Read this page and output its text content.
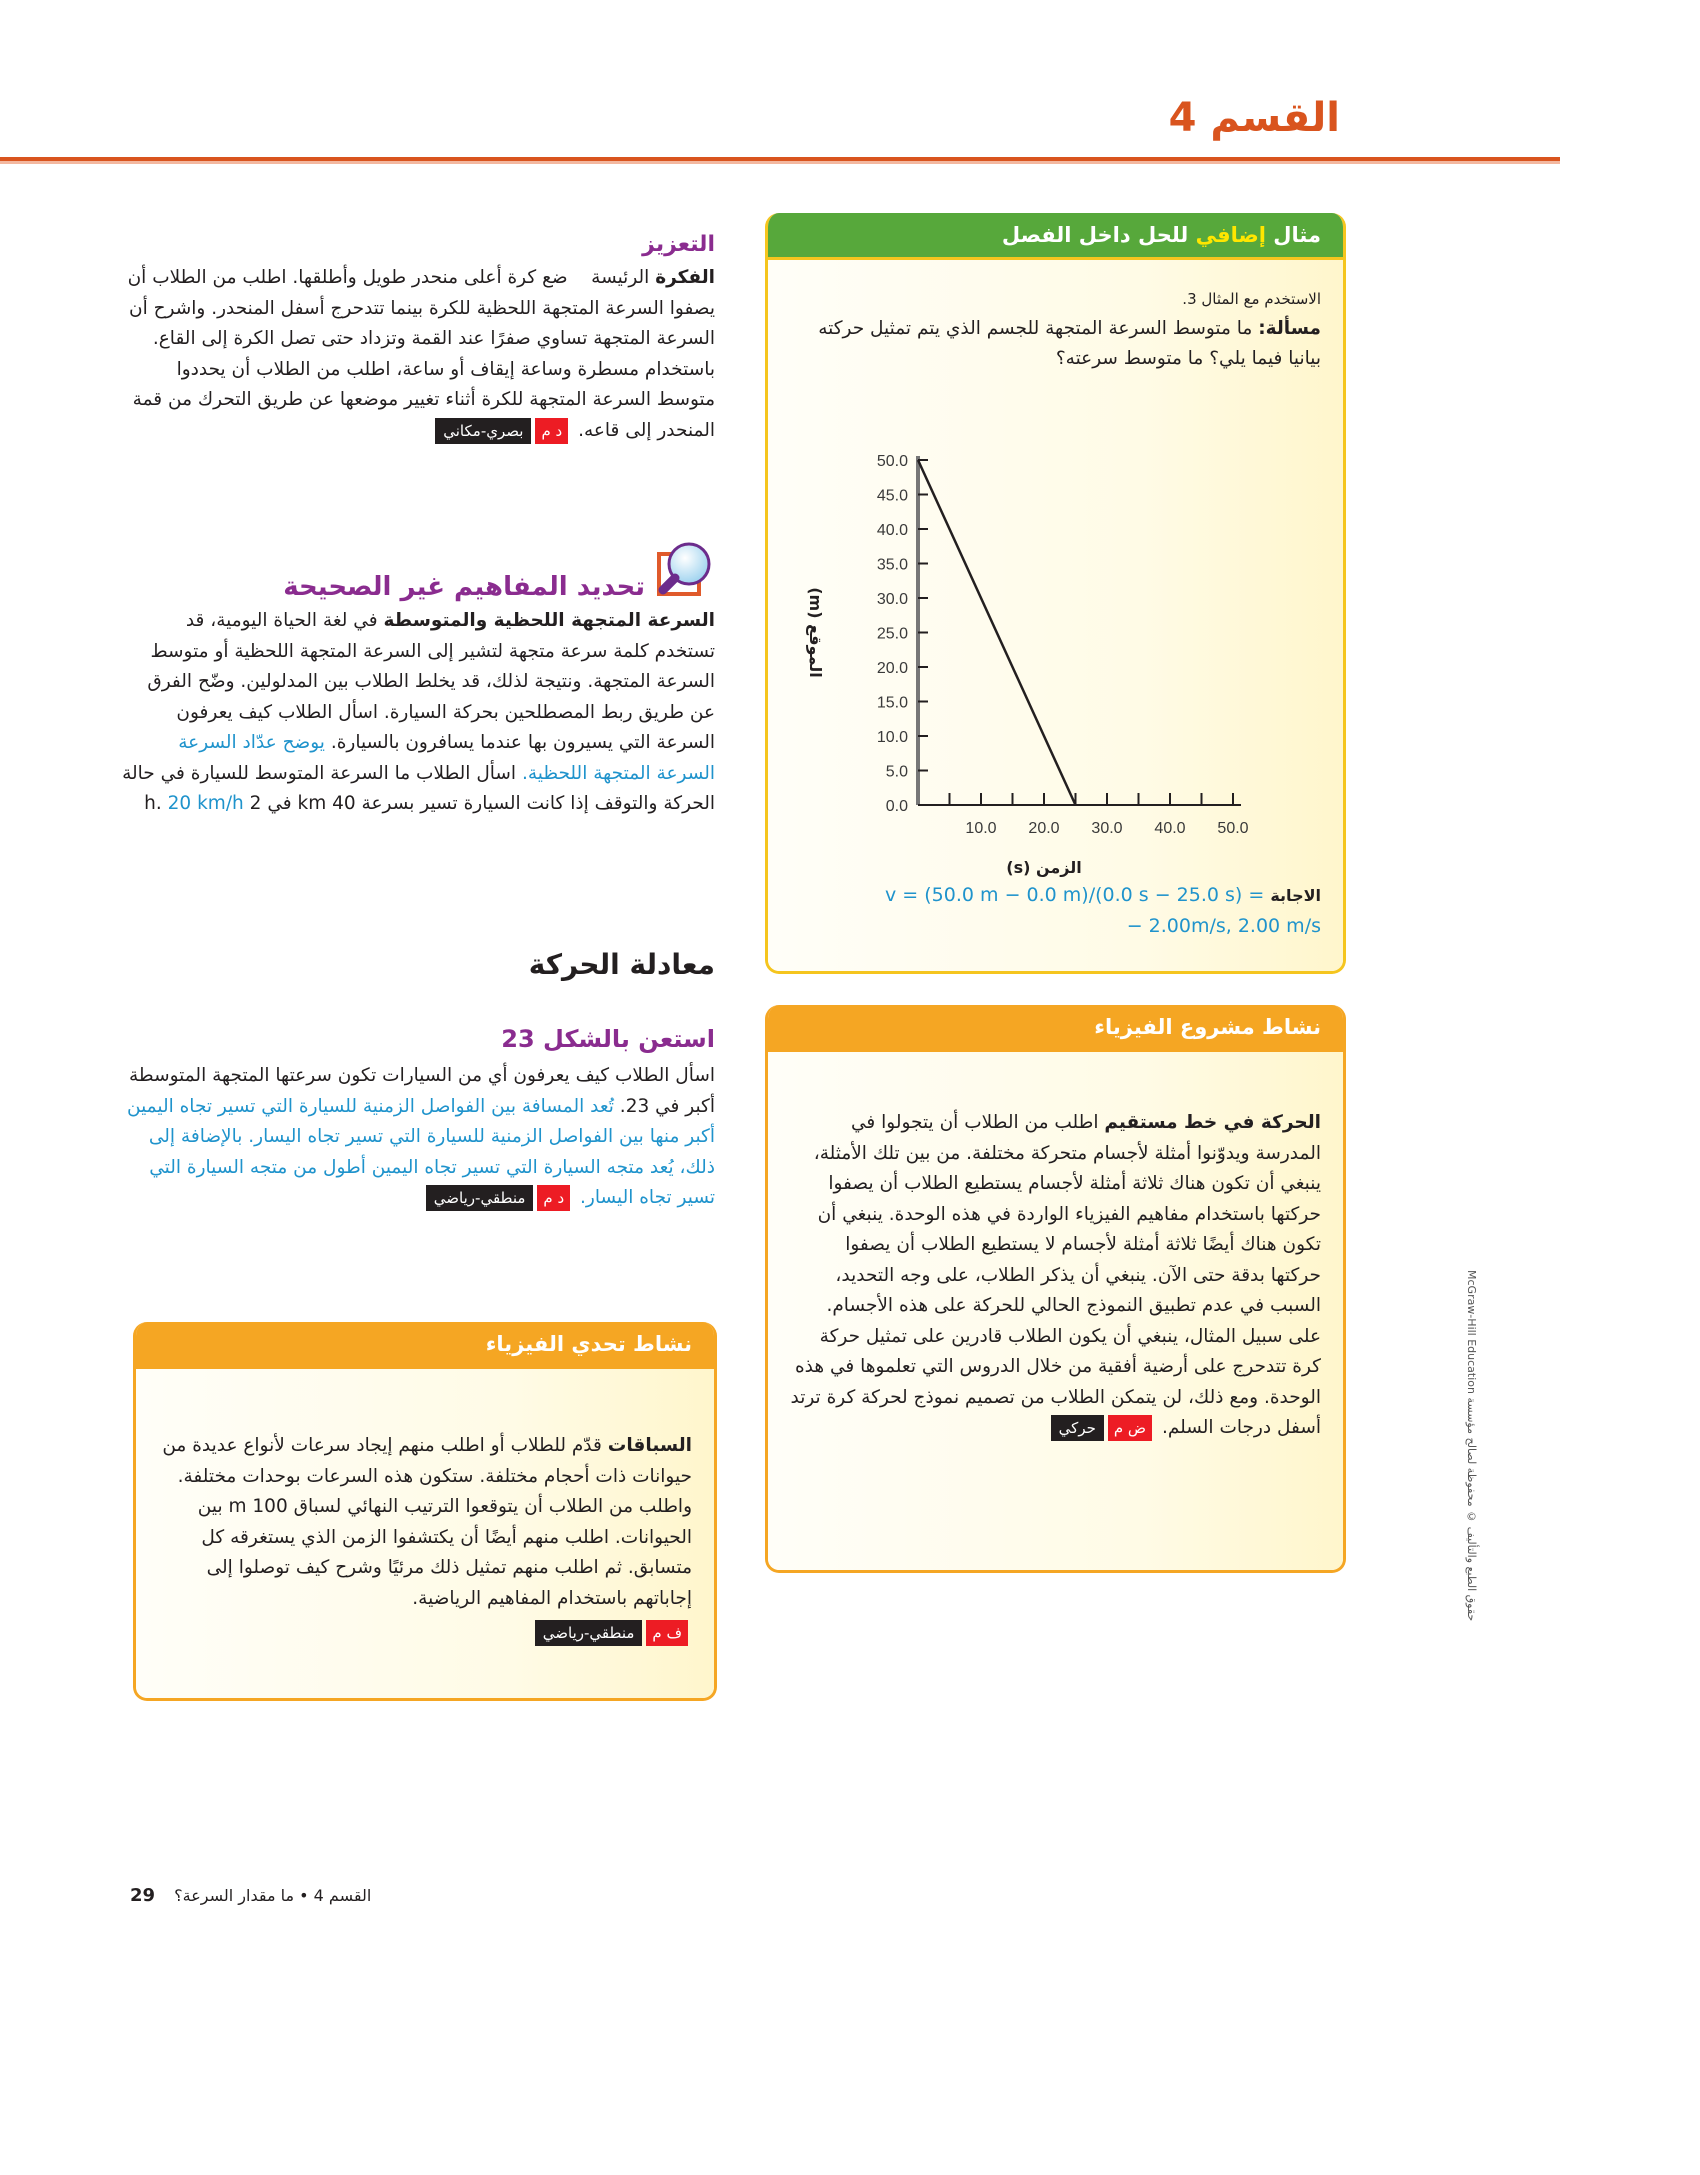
القسم 4
التعزيز
الفكرة الرئيسة    ضع كرة أعلى منحدر طويل وأطلقها. اطلب من الطلاب أن يصفوا السرعة المتجهة اللحظية للكرة بينما تتدحرج أسفل المنحدر. واشرح أن السرعة المتجهة تساوي صفرًا عند القمة وتزداد حتى تصل الكرة إلى القاع. باستخدام مسطرة وساعة إيقاف أو ساعة، اطلب من الطلاب أن يحددوا متوسط السرعة المتجهة للكرة أثناء تغيير موضعها عن طريق التحرك من قمة المنحدر إلى قاعه. د مبصري-مكاني
تحديد المفاهيم غير الصحيحة
السرعة المتجهة اللحظية والمتوسطة في لغة الحياة اليومية، قد تستخدم كلمة سرعة متجهة لتشير إلى السرعة المتجهة اللحظية أو متوسط السرعة المتجهة. ونتيجة لذلك، قد يخلط الطلاب بين المدلولين. وضّح الفرق عن طريق ربط المصطلحين بحركة السيارة. اسأل الطلاب كيف يعرفون السرعة التي يسيرون بها عندما يسافرون بالسيارة. يوضح عدّاد السرعة السرعة المتجهة اللحظية. اسأل الطلاب ما السرعة المتوسط للسيارة في حالة الحركة والتوقف إذا كانت السيارة تسير بسرعة 40 km في 2 h. 20 km/h
معادلة الحركة
استعن بالشكل 23
اسأل الطلاب كيف يعرفون أي من السيارات تكون سرعتها المتجهة المتوسطة أكبر في 23. تُعد المسافة بين الفواصل الزمنية للسيارة التي تسير تجاه اليمين أكبر منها بين الفواصل الزمنية للسيارة التي تسير تجاه اليسار. بالإضافة إلى ذلك، يُعد متجه السيارة التي تسير تجاه اليمين أطول من متجه السيارة التي تسير تجاه اليسار. د ممنطقي-رياضي
نشاط تحدي الفيزياء
السباقات قدّم للطلاب أو اطلب منهم إيجاد سرعات لأنواع عديدة من حيوانات ذات أحجام مختلفة. ستكون هذه السرعات بوحدات مختلفة. واطلب من الطلاب أن يتوقعوا الترتيب النهائي لسباق 100 m بين الحيوانات. اطلب منهم أيضًا أن يكتشفوا الزمن الذي يستغرقه كل متسابق. ثم اطلب منهم تمثيل ذلك مرئيًا وشرح كيف توصلوا إلى إجاباتهم باستخدام المفاهيم الرياضية.
ف ممنطقي-رياضي
مثال إضافي للحل داخل الفصل
الاستخدم مع المثال 3.
مسألة: ما متوسط السرعة المتجهة للجسم الذي يتم تمثيل حركته بيانيا فيما يلي؟ ما متوسط سرعته؟
0.0
5.0
10.0
15.0
20.0
25.0
30.0
35.0
40.0
45.0
50.0
10.0 20.0 30.0 40.0 50.0
الزمن (s)
الموقع (m)
الاجابة v = (50.0 m − 0.0 m)/(0.0 s − 25.0 s) =
− 2.00m/s, 2.00 m/s
نشاط مشروع الفيزياء
الحركة في خط مستقيم اطلب من الطلاب أن يتجولوا في المدرسة ويدوّنوا أمثلة لأجسام متحركة مختلفة. من بين تلك الأمثلة، ينبغي أن تكون هناك ثلاثة أمثلة لأجسام يستطيع الطلاب أن يصفوا حركتها باستخدام مفاهيم الفيزياء الواردة في هذه الوحدة. ينبغي أن تكون هناك أيضًا ثلاثة أمثلة لأجسام لا يستطيع الطلاب أن يصفوا حركتها بدقة حتى الآن. ينبغي أن يذكر الطلاب، على وجه التحديد، السبب في عدم تطبيق النموذج الحالي للحركة على هذه الأجسام. على سبيل المثال، ينبغي أن يكون الطلاب قادرين على تمثيل حركة كرة تتدحرج على أرضية أفقية من خلال الدروس التي تعلموها في هذه الوحدة. ومع ذلك، لن يتمكن الطلاب من تصميم نموذج لحركة كرة ترتد أسفل درجات السلم. ض محركي
McGraw-Hill Education حقوق الطبع والتأليف © محفوظة لصالح مؤسسة
القسم 4 • ما مقدار السرعة؟ 29
